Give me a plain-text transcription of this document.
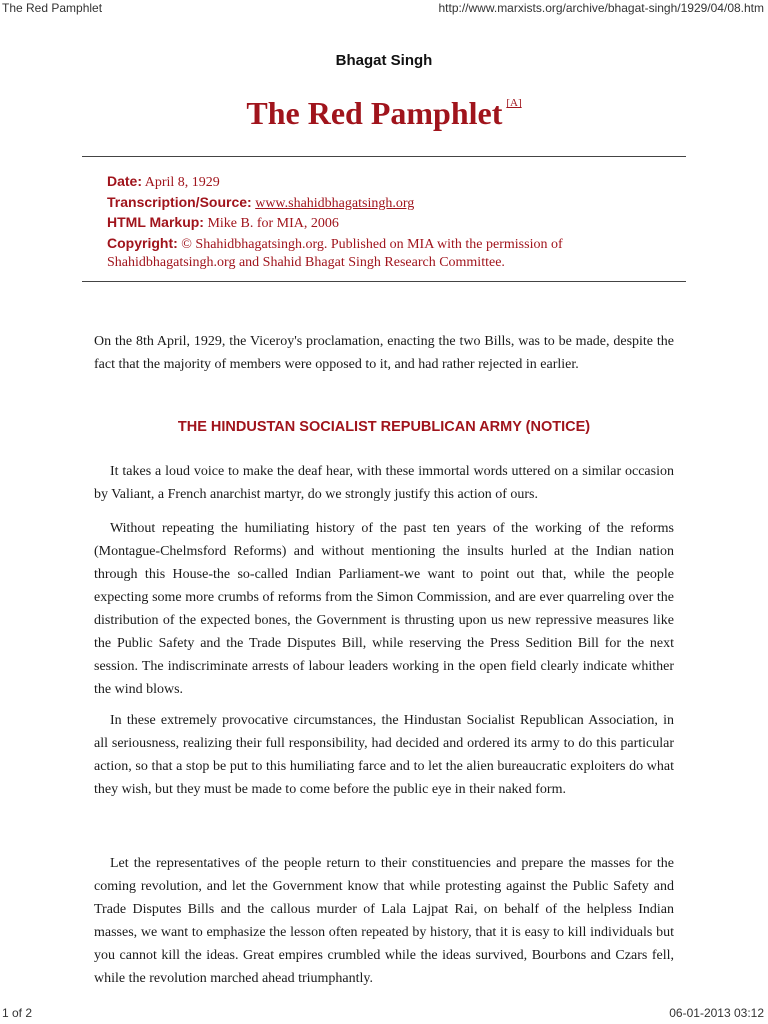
The Red Pamphlet	http://www.marxists.org/archive/bhagat-singh/1929/04/08.htm
Bhagat Singh
The Red Pamphlet [A]
Date: April 8, 1929
Transcription/Source: www.shahidbhagatsingh.org
HTML Markup: Mike B. for MIA, 2006
Copyright: © Shahidbhagatsingh.org. Published on MIA with the permission of Shahidbhagatsingh.org and Shahid Bhagat Singh Research Committee.
On the 8th April, 1929, the Viceroy's proclamation, enacting the two Bills, was to be made, despite the fact that the majority of members were opposed to it, and had rather rejected in earlier.
THE HINDUSTAN SOCIALIST REPUBLICAN ARMY (NOTICE)

It takes a loud voice to make the deaf hear, with these immortal words uttered on a similar occasion by Valiant, a French anarchist martyr, do we strongly justify this action of ours.

Without repeating the humiliating history of the past ten years of the working of the reforms (Montague-Chelmsford Reforms) and without mentioning the insults hurled at the Indian nation through this House-the so-called Indian Parliament-we want to point out that, while the people expecting some more crumbs of reforms from the Simon Commission, and are ever quarreling over the distribution of the expected bones, the Government is thrusting upon us new repressive measures like the Public Safety and the Trade Disputes Bill, while reserving the Press Sedition Bill for the next session. The indiscriminate arrests of labour leaders working in the open field clearly indicate whither the wind blows.

In these extremely provocative circumstances, the Hindustan Socialist Republican Association, in all seriousness, realizing their full responsibility, had decided and ordered its army to do this particular action, so that a stop be put to this humiliating farce and to let the alien bureaucratic exploiters do what they wish, but they must be made to come before the public eye in their naked form.

Let the representatives of the people return to their constituencies and prepare the masses for the coming revolution, and let the Government know that while protesting against the Public Safety and Trade Disputes Bills and the callous murder of Lala Lajpat Rai, on behalf of the helpless Indian masses, we want to emphasize the lesson often repeated by history, that it is easy to kill individuals but you cannot kill the ideas. Great empires crumbled while the ideas survived, Bourbons and Czars fell, while the revolution marched ahead triumphantly.

1 of 2	06-01-2013 03:12
